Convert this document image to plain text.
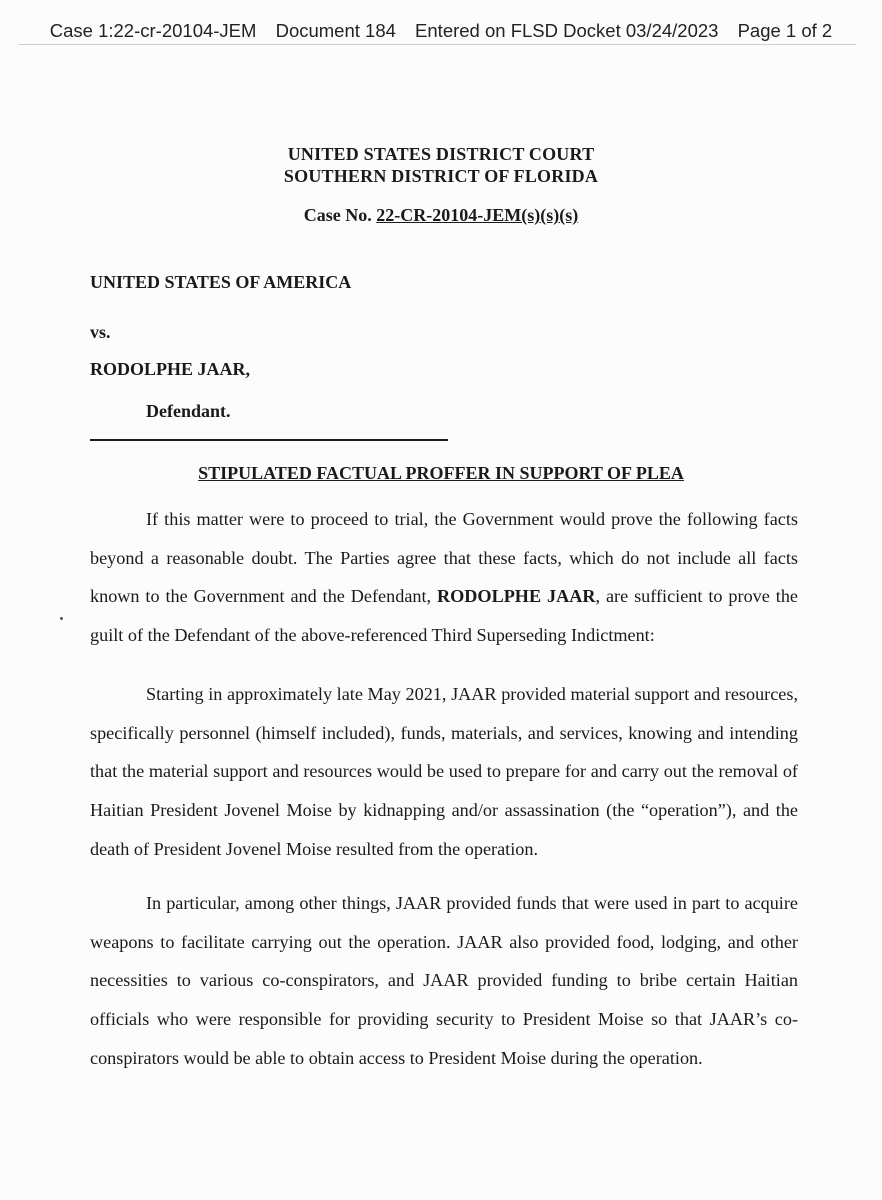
Case 1:22-cr-20104-JEM Document 184 Entered on FLSD Docket 03/24/2023 Page 1 of 2
UNITED STATES DISTRICT COURT
SOUTHERN DISTRICT OF FLORIDA
Case No. 22-CR-20104-JEM(s)(s)(s)
UNITED STATES OF AMERICA
vs.
RODOLPHE JAAR,
Defendant.
STIPULATED FACTUAL PROFFER IN SUPPORT OF PLEA

If this matter were to proceed to trial, the Government would prove the following facts beyond a reasonable doubt. The Parties agree that these facts, which do not include all facts known to the Government and the Defendant, RODOLPHE JAAR, are sufficient to prove the guilt of the Defendant of the above-referenced Third Superseding Indictment:

Starting in approximately late May 2021, JAAR provided material support and resources, specifically personnel (himself included), funds, materials, and services, knowing and intending that the material support and resources would be used to prepare for and carry out the removal of Haitian President Jovenel Moise by kidnapping and/or assassination (the “operation”), and the death of President Jovenel Moise resulted from the operation.

In particular, among other things, JAAR provided funds that were used in part to acquire weapons to facilitate carrying out the operation. JAAR also provided food, lodging, and other necessities to various co-conspirators, and JAAR provided funding to bribe certain Haitian officials who were responsible for providing security to President Moise so that JAAR’s co-conspirators would be able to obtain access to President Moise during the operation.
